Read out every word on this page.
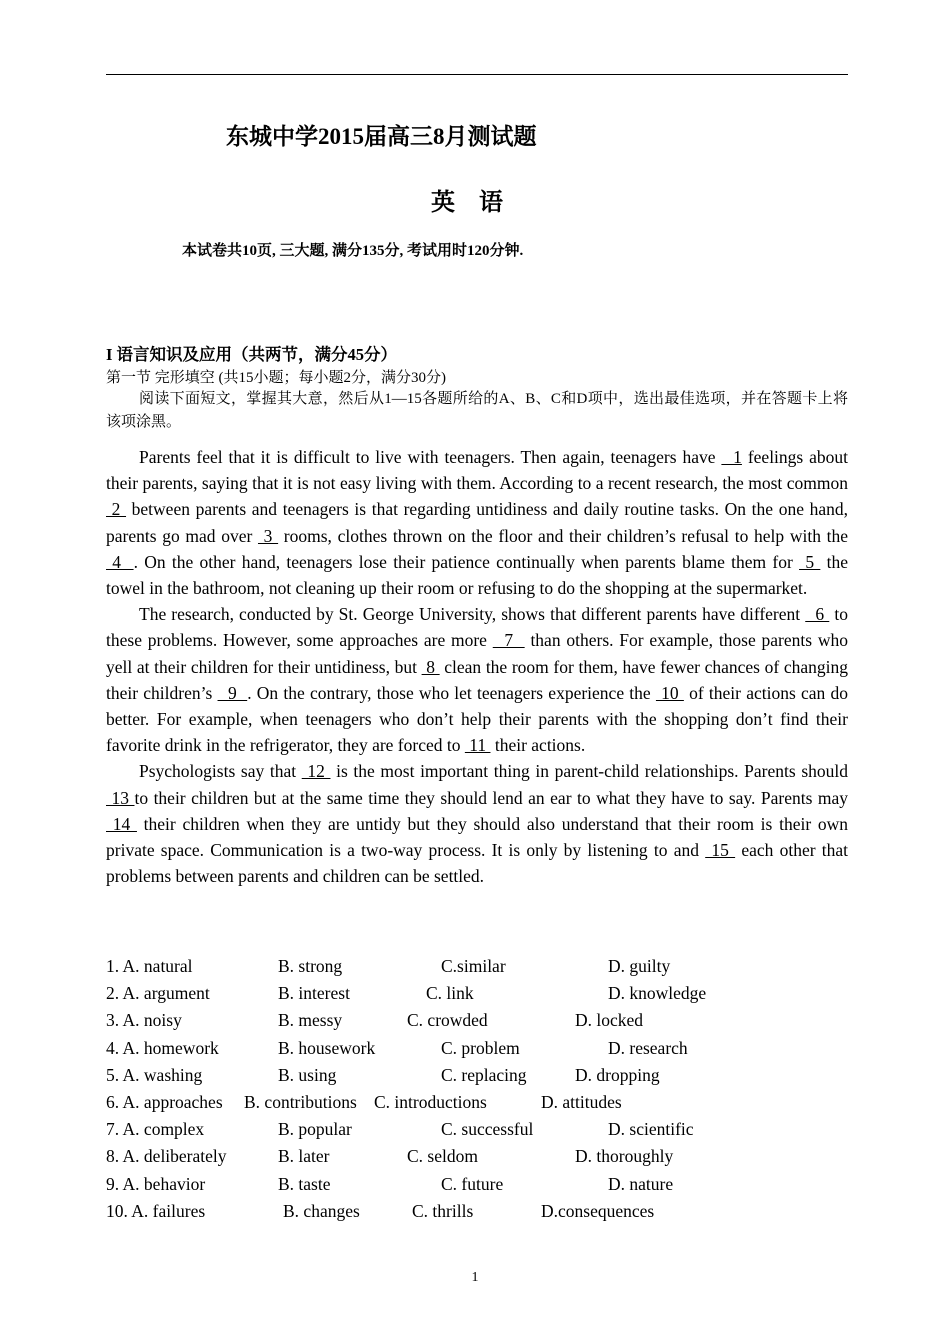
东城中学2015届高三8月测试题
英语
本试卷共10页, 三大题, 满分135分, 考试用时120分钟.
I 语言知识及应用（共两节，满分45分）
第一节 完形填空 (共15小题；每小题2分，满分30分)
阅读下面短文，掌握其大意，然后从1—15各题所给的A、B、C和D项中，选出最佳选项，并在答题卡上将该项涂黑。

Parents feel that it is difficult to live with teenagers. Then again, teenagers have   1 feelings about their parents, saying that it is not easy living with them. According to a recent research, the most common  2  between parents and teenagers is that regarding untidiness and daily routine tasks. On the one hand, parents go mad over  3  rooms, clothes thrown on the floor and their children’s refusal to help with the  4  . On the other hand, teenagers lose their patience continually when parents blame them for  5  the towel in the bathroom, not cleaning up their room or refusing to do the shopping at the supermarket.

The research, conducted by St. George University, shows that different parents have different   6  to these problems. However, some approaches are more   7   than others. For example, those parents who yell at their children for their untidiness, but  8  clean the room for them, have fewer chances of changing their children’s   9  . On the contrary, those who let teenagers experience the  10  of their actions can do better. For example, when teenagers who don’t help their parents with the shopping don’t find their favorite drink in the refrigerator, they are forced to  11  their actions.

Psychologists say that  12  is the most important thing in parent-child relationships. Parents should  13 to their children but at the same time they should lend an ear to what they have to say. Parents may  14  their children when they are untidy but they should also understand that their room is their own private space. Communication is a two-way process. It is only by listening to and  15  each other that problems between parents and children can be settled.

1. A. natural	B. strong	C.similar	D. guilty
2. A. argument	B. interest	C. link	D. knowledge
3. A. noisy	B. messy	C. crowded	D. locked
4. A. homework	B. housework	C. problem	D. research
5. A. washing	B. using	C. replacing	D. dropping
6. A. approaches B. contributions C. introductions	D. attitudes
7. A. complex	B. popular	C. successful	D. scientific
8. A. deliberately	B. later	C. seldom	D. thoroughly
9. A. behavior	B. taste	C. future	D. nature
10. A. failures	B. changes	C. thrills	D.consequences
1
